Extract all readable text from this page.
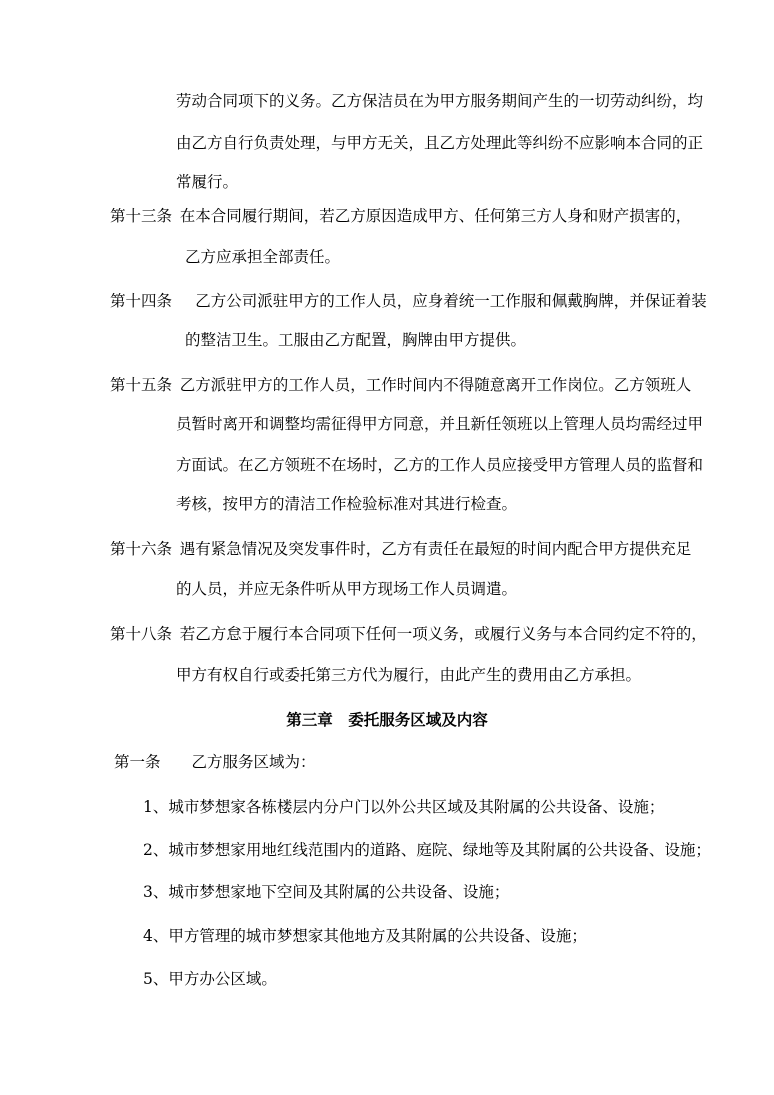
劳动合同项下的义务。乙方保洁员在为甲方服务期间产生的一切劳动纠纷，均
由乙方自行负责处理，与甲方无关，且乙方处理此等纠纷不应影响本合同的正
常履行。
第十三条  在本合同履行期间，若乙方原因造成甲方、任何第三方人身和财产损害的，
乙方应承担全部责任。
第十四条   乙方公司派驻甲方的工作人员，应身着统一工作服和佩戴胸牌，并保证着装
的整洁卫生。工服由乙方配置，胸牌由甲方提供。
第十五条  乙方派驻甲方的工作人员，工作时间内不得随意离开工作岗位。乙方领班人
员暂时离开和调整均需征得甲方同意，并且新任领班以上管理人员均需经过甲
方面试。在乙方领班不在场时，乙方的工作人员应接受甲方管理人员的监督和
考核，按甲方的清洁工作检验标准对其进行检查。
第十六条  遇有紧急情况及突发事件时，乙方有责任在最短的时间内配合甲方提供充足
的人员，并应无条件听从甲方现场工作人员调遣。
第十八条  若乙方怠于履行本合同项下任何一项义务，或履行义务与本合同约定不符的，
甲方有权自行或委托第三方代为履行，由此产生的费用由乙方承担。
第三章　委托服务区域及内容
第一条   乙方服务区域为：
1、城市梦想家各栋楼层内分户门以外公共区域及其附属的公共设备、设施；
2、城市梦想家用地红线范围内的道路、庭院、绿地等及其附属的公共设备、设施；
3、城市梦想家地下空间及其附属的公共设备、设施；
4、甲方管理的城市梦想家其他地方及其附属的公共设备、设施；
5、甲方办公区域。
